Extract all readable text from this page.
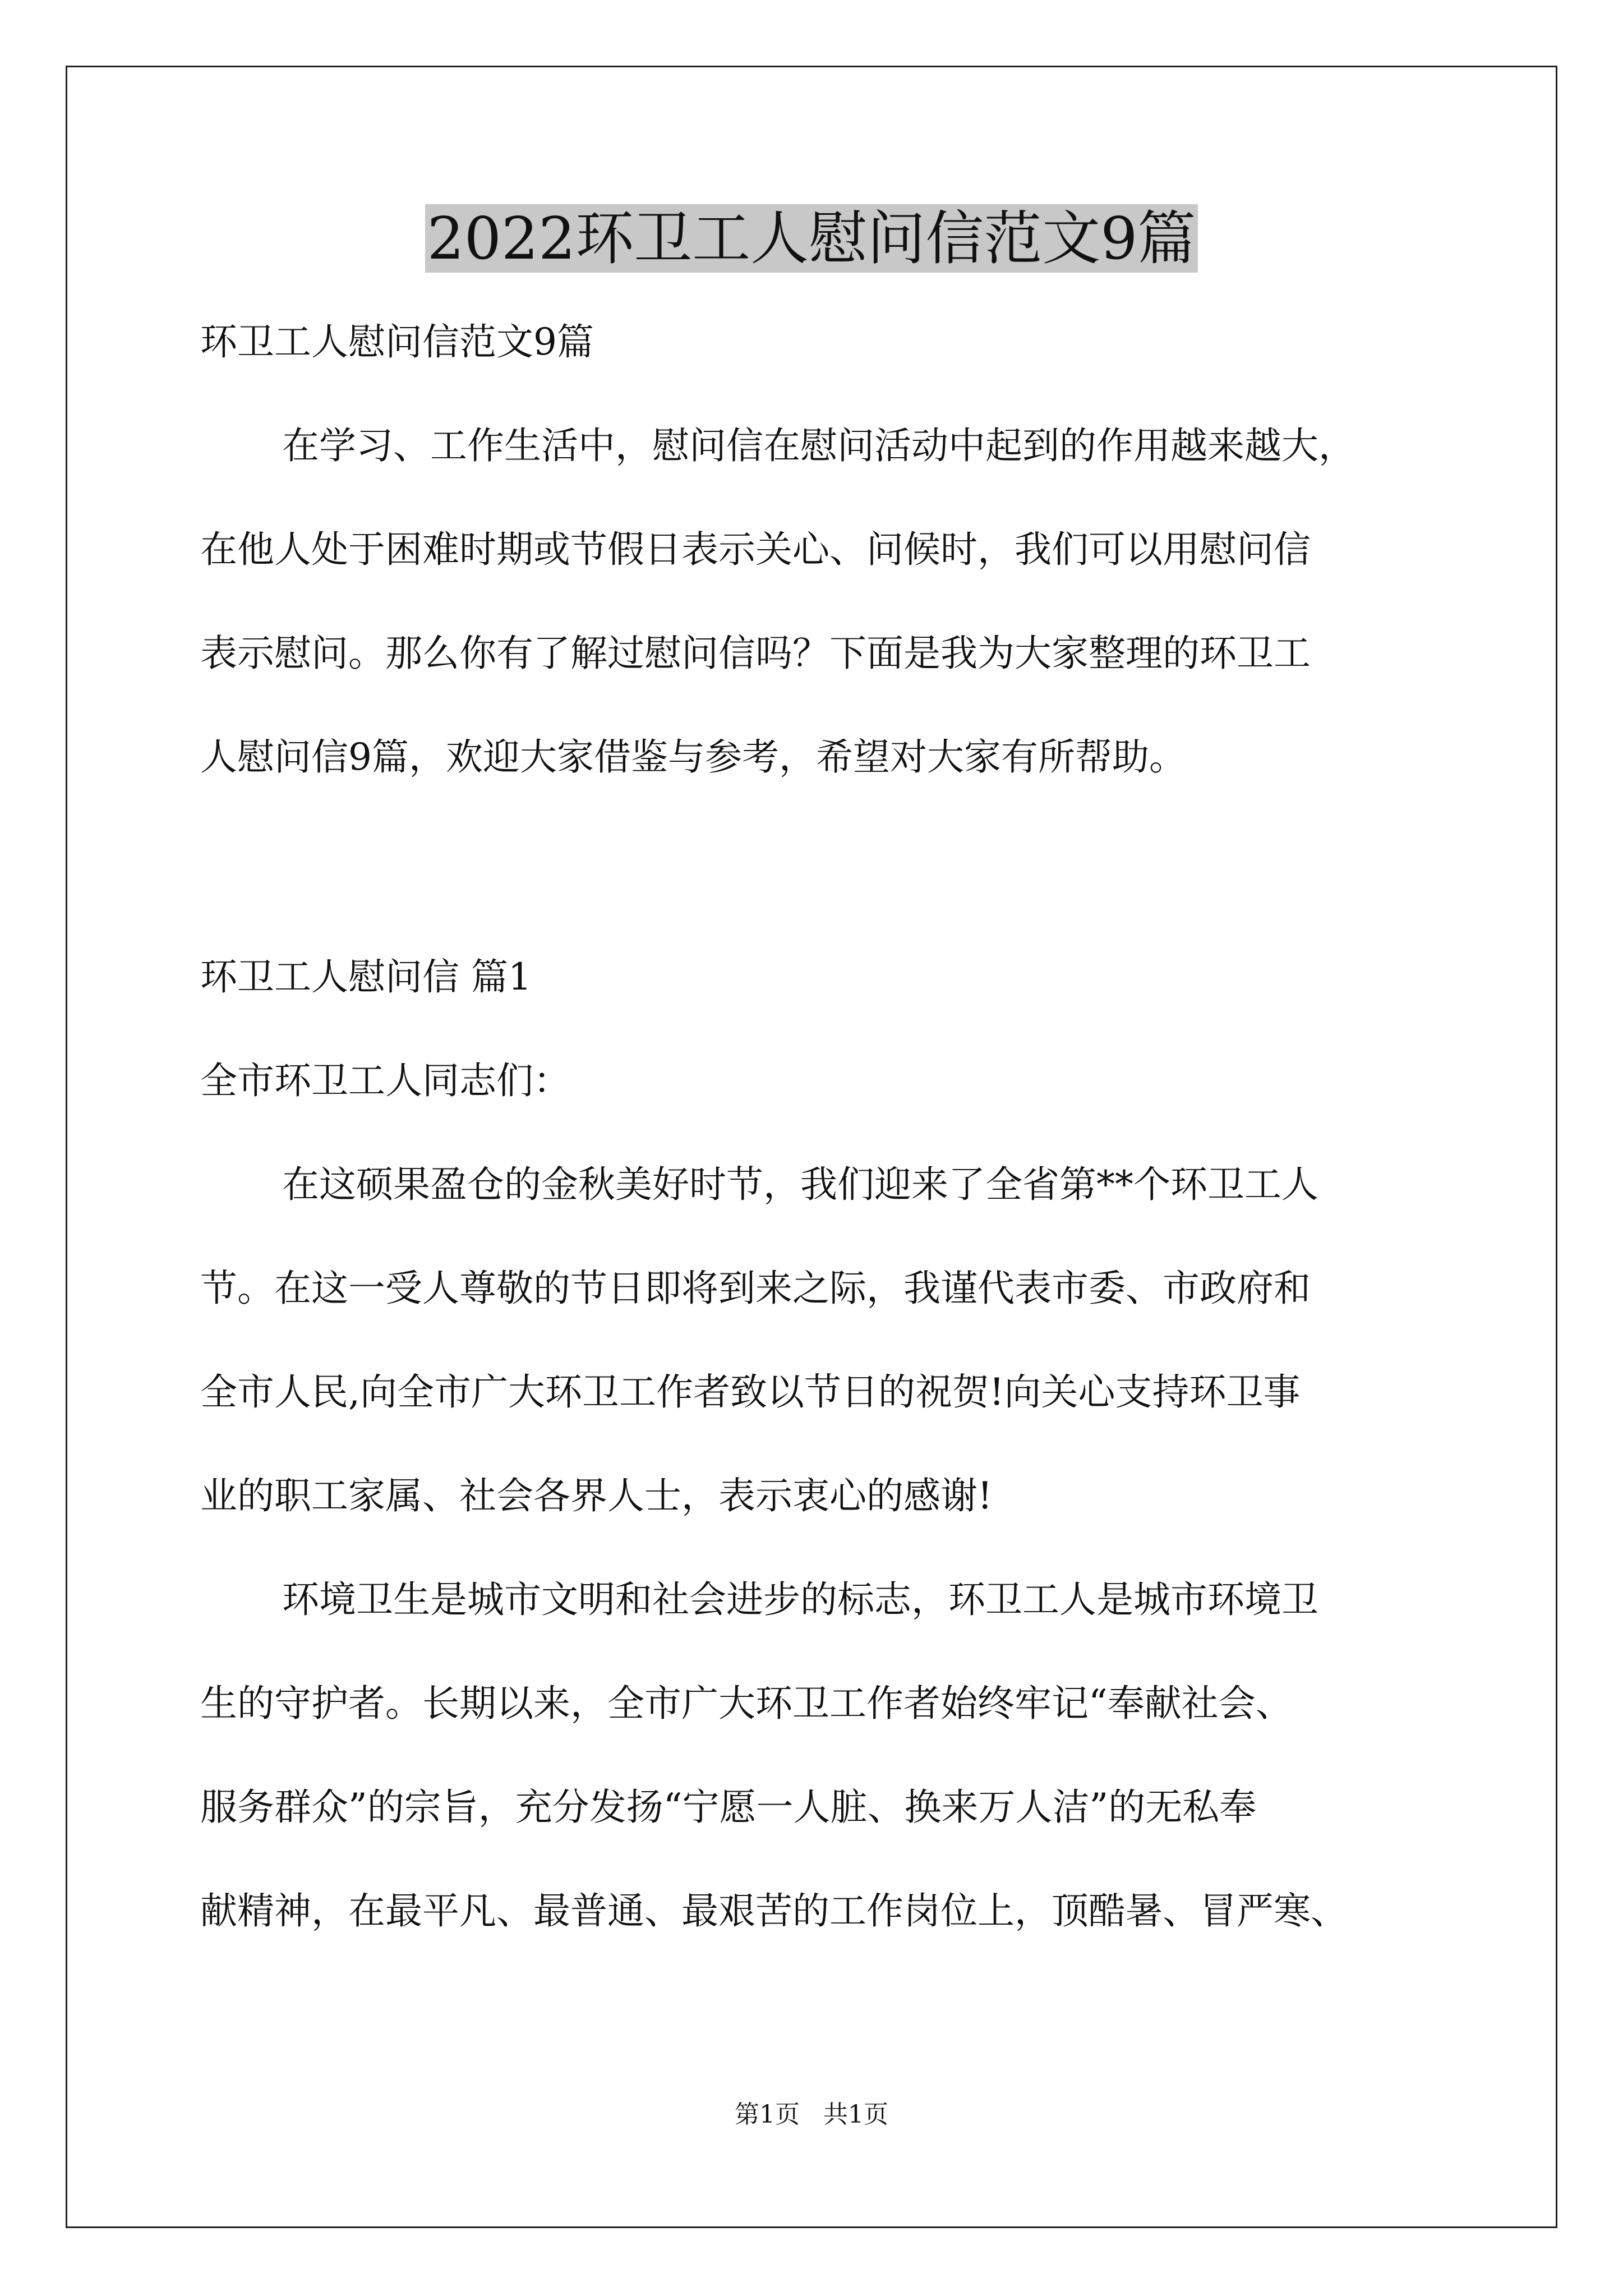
2022环卫工人慰问信范文9篇
环卫工人慰问信范文9篇
在学习、工作生活中，慰问信在慰问活动中起到的作用越来越大，
在他人处于困难时期或节假日表示关心、问候时，我们可以用慰问信
表示慰问。那么你有了解过慰问信吗？下面是我为大家整理的环卫工
人慰问信9篇，欢迎大家借鉴与参考，希望对大家有所帮助。
环卫工人慰问信 篇1
全市环卫工人同志们：
在这硕果盈仓的金秋美好时节，我们迎来了全省第**个环卫工人
节。在这一受人尊敬的节日即将到来之际，我谨代表市委、市政府和
全市人民,向全市广大环卫工作者致以节日的祝贺!向关心支持环卫事
业的职工家属、社会各界人士，表示衷心的感谢!
环境卫生是城市文明和社会进步的标志，环卫工人是城市环境卫
生的守护者。长期以来，全市广大环卫工作者始终牢记“奉献社会、
服务群众”的宗旨，充分发扬“宁愿一人脏、换来万人洁”的无私奉
献精神，在最平凡、最普通、最艰苦的工作岗位上，顶酷暑、冒严寒、
第1页   共1页
